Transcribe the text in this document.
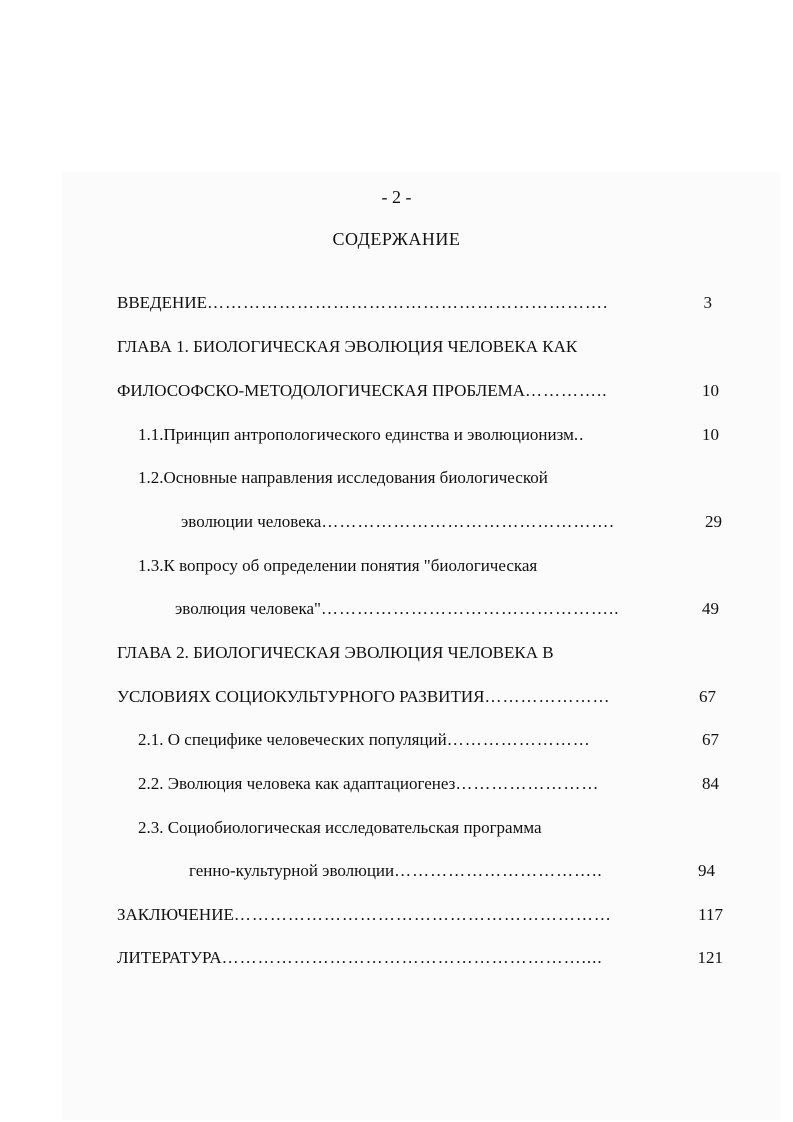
- 2 -
СОДЕРЖАНИЕ
ВВЕДЕНИЕ………………………………………………………….	3
ГЛАВА 1. БИОЛОГИЧЕСКАЯ ЭВОЛЮЦИЯ ЧЕЛОВЕКА КАК
ФИЛОСОФСКО-МЕТОДОЛОГИЧЕСКАЯ ПРОБЛЕМА…………..	10
1.1.Принцип антропологического единства и эволюционизм..	10
1.2.Основные направления исследования биологической
эволюции человека………………………………………….	29
1.3.К вопросу об определении понятия "биологическая
эволюция человека"…………………………………………..	49
ГЛАВА 2. БИОЛОГИЧЕСКАЯ ЭВОЛЮЦИЯ ЧЕЛОВЕКА В
УСЛОВИЯХ СОЦИОКУЛЬТУРНОГО РАЗВИТИЯ…………………	67
2.1. О специфике человеческих популяций……………………	67
2.2. Эволюция человека как адаптациогенез……………………	84
2.3. Социобиологическая исследовательская программа
генно-культурной эволюции……………………………..	94
ЗАКЛЮЧЕНИЕ………………………………………………………	117
ЛИТЕРАТУРА……………………………………………………....	121
